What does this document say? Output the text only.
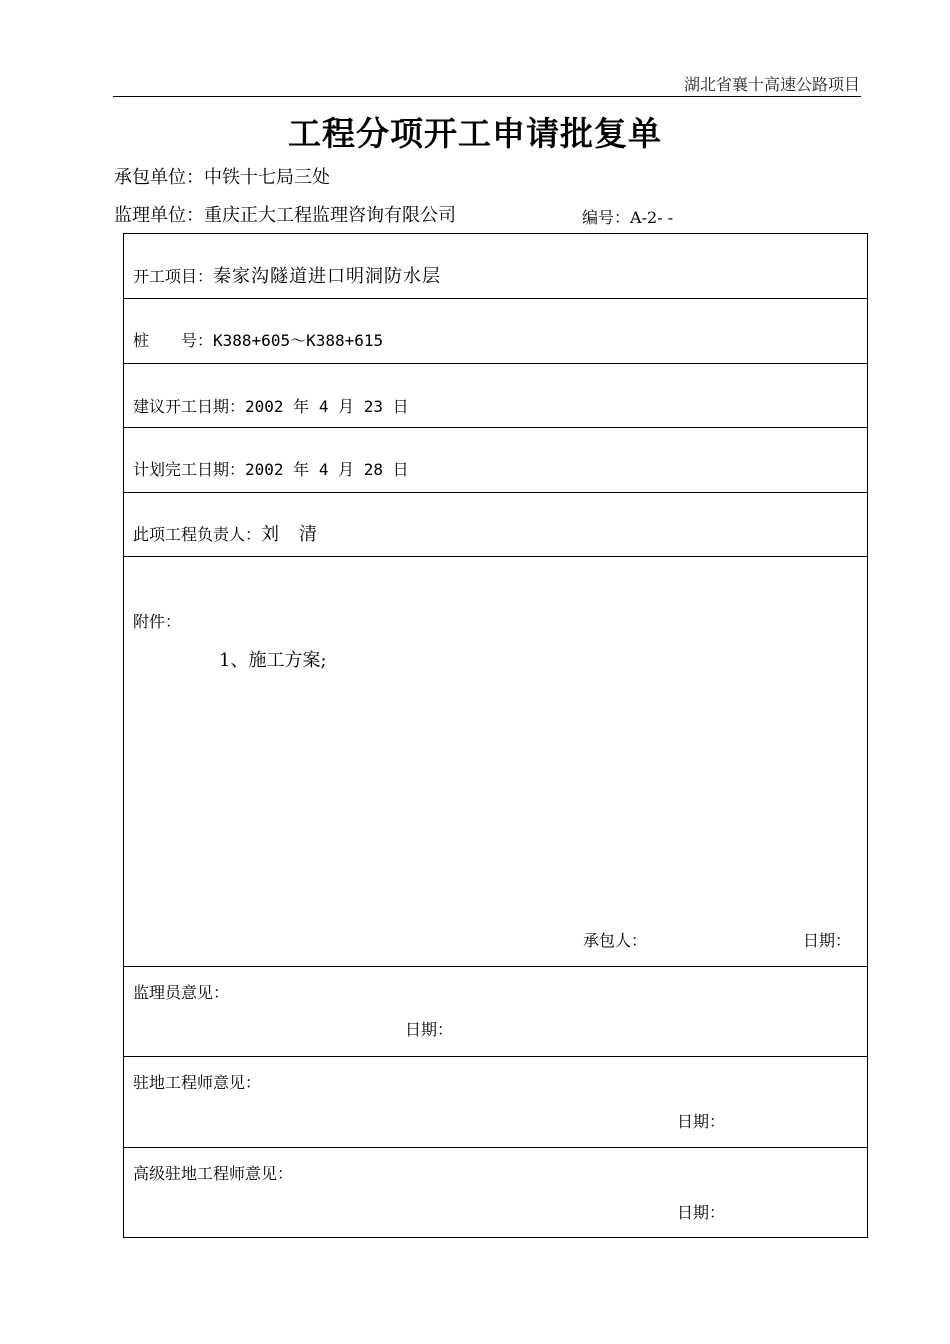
湖北省襄十高速公路项目
工程分项开工申请批复单
承包单位：中铁十七局三处
监理单位：重庆正大工程监理咨询有限公司	编号：A-2- -
开工项目：秦家沟隧道进口明洞防水层
桩　　号：K388+605～K388+615
建议开工日期：2002 年 4 月 23 日
计划完工日期：2002 年 4 月 28 日
此项工程负责人：刘　清
附件：
1、施工方案;
承包人：	日期：
监理员意见：
日期：
驻地工程师意见：
日期：
高级驻地工程师意见：
日期：
